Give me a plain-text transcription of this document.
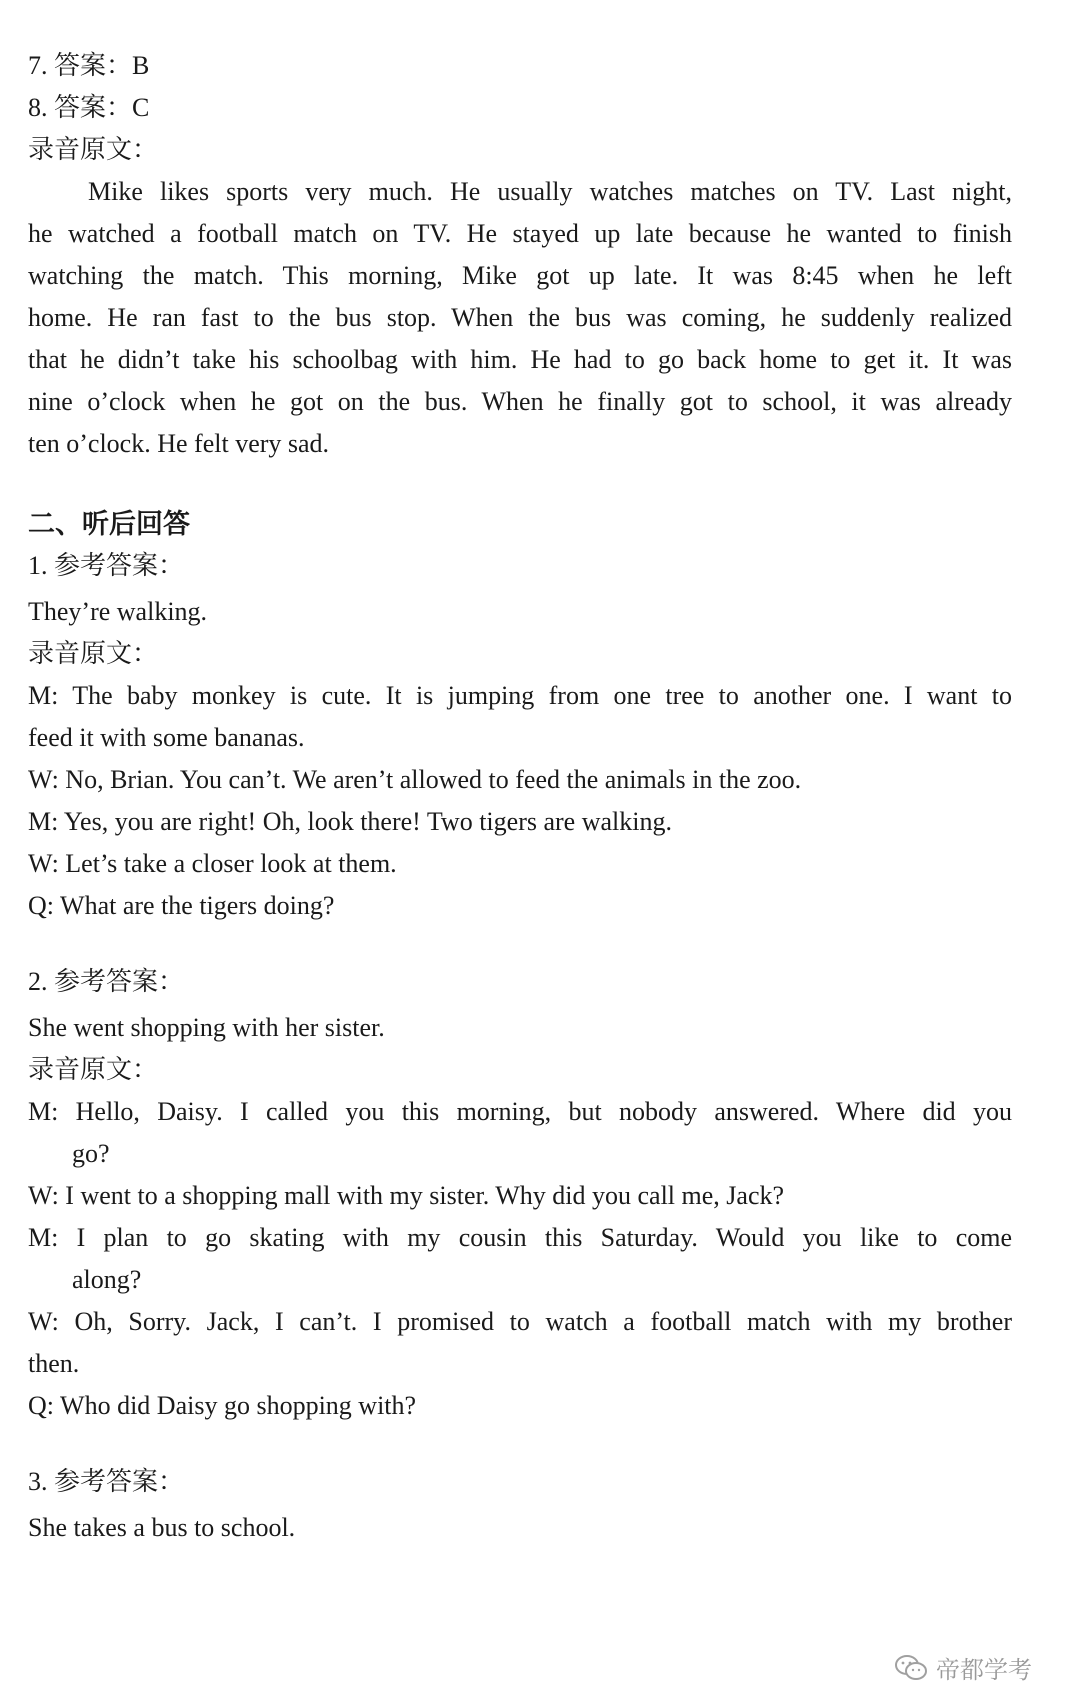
7. 答案：B
8. 答案：C
录音原文：
Mike likes sports very much. He usually watches matches on TV. Last night,
he watched a football match on TV. He stayed up late because he wanted to finish
watching the match. This morning, Mike got up late. It was 8:45 when he left
home. He ran fast to the bus stop. When the bus was coming, he suddenly realized
that he didn’t take his schoolbag with him. He had to go back home to get it. It was
nine o’clock when he got on the bus. When he finally got to school, it was already
ten o’clock. He felt very sad.
二、听后回答
1. 参考答案：
They’re walking.
录音原文：
M: The baby monkey is cute. It is jumping from one tree to another one. I want to
feed it with some bananas.
W: No, Brian. You can’t. We aren’t allowed to feed the animals in the zoo.
M: Yes, you are right! Oh, look there! Two tigers are walking.
W: Let’s take a closer look at them.
Q: What are the tigers doing?
2. 参考答案：
She went shopping with her sister.
录音原文：
M: Hello, Daisy. I called you this morning, but nobody answered. Where did you
go?
W: I went to a shopping mall with my sister. Why did you call me, Jack?
M: I plan to go skating with my cousin this Saturday. Would you like to come
along?
W: Oh, Sorry. Jack, I can’t. I promised to watch a football match with my brother
then.
Q: Who did Daisy go shopping with?
3. 参考答案：
She takes a bus to school.
帝都学考
